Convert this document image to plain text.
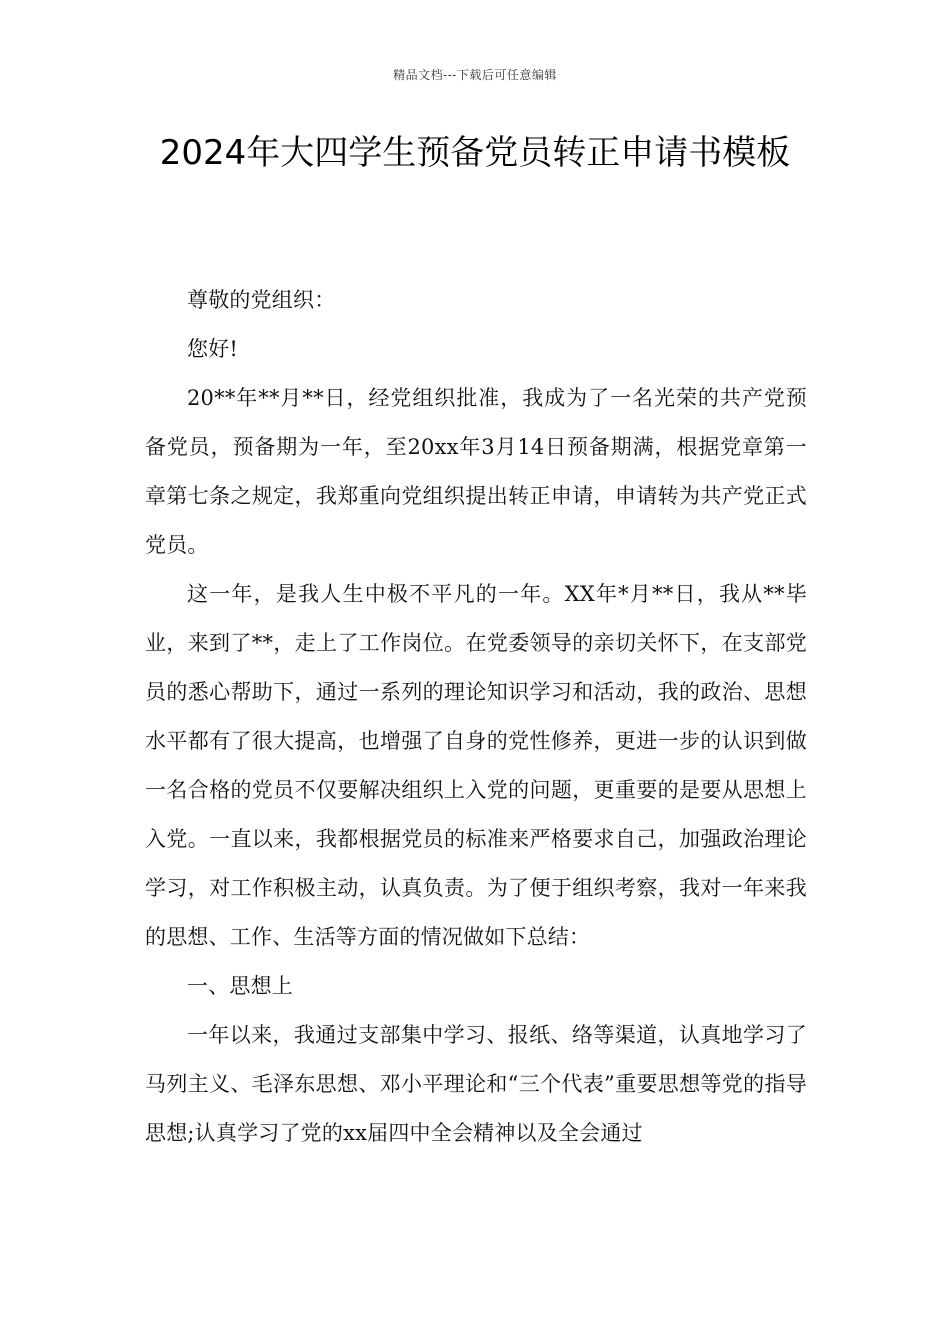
精品文档---下载后可任意编辑
2024年大四学生预备党员转正申请书模板

尊敬的党组织：

您好!

20**年**月**日，经党组织批准，我成为了一名光荣的共产党预备党员，预备期为一年，至20xx年3月14日预备期满，根据党章第一章第七条之规定，我郑重向党组织提出转正申请，申请转为共产党正式党员。

这一年，是我人生中极不平凡的一年。XX年*月**日，我从**毕业，来到了**，走上了工作岗位。在党委领导的亲切关怀下，在支部党员的悉心帮助下，通过一系列的理论知识学习和活动，我的政治、思想水平都有了很大提高，也增强了自身的党性修养，更进一步的认识到做一名合格的党员不仅要解决组织上入党的问题，更重要的是要从思想上入党。一直以来，我都根据党员的标准来严格要求自己，加强政治理论学习，对工作积极主动，认真负责。为了便于组织考察，我对一年来我的思想、工作、生活等方面的情况做如下总结：

一、思想上

一年以来，我通过支部集中学习、报纸、络等渠道，认真地学习了马列主义、毛泽东思想、邓小平理论和“三个代表”重要思想等党的指导思想;认真学习了党的xx届四中全会精神以及全会通过
